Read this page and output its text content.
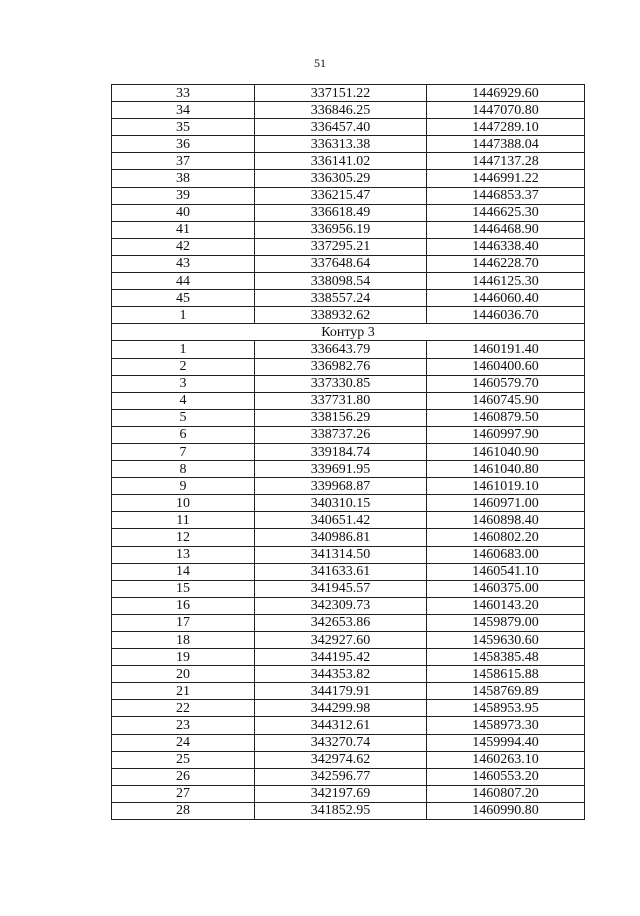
51
33	337151.22	1446929.60
34	336846.25	1447070.80
35	336457.40	1447289.10
36	336313.38	1447388.04
37	336141.02	1447137.28
38	336305.29	1446991.22
39	336215.47	1446853.37
40	336618.49	1446625.30
41	336956.19	1446468.90
42	337295.21	1446338.40
43	337648.64	1446228.70
44	338098.54	1446125.30
45	338557.24	1446060.40
1	338932.62	1446036.70
Контур 3		
1	336643.79	1460191.40
2	336982.76	1460400.60
3	337330.85	1460579.70
4	337731.80	1460745.90
5	338156.29	1460879.50
6	338737.26	1460997.90
7	339184.74	1461040.90
8	339691.95	1461040.80
9	339968.87	1461019.10
10	340310.15	1460971.00
11	340651.42	1460898.40
12	340986.81	1460802.20
13	341314.50	1460683.00
14	341633.61	1460541.10
15	341945.57	1460375.00
16	342309.73	1460143.20
17	342653.86	1459879.00
18	342927.60	1459630.60
19	344195.42	1458385.48
20	344353.82	1458615.88
21	344179.91	1458769.89
22	344299.98	1458953.95
23	344312.61	1458973.30
24	343270.74	1459994.40
25	342974.62	1460263.10
26	342596.77	1460553.20
27	342197.69	1460807.20
28	341852.95	1460990.80
